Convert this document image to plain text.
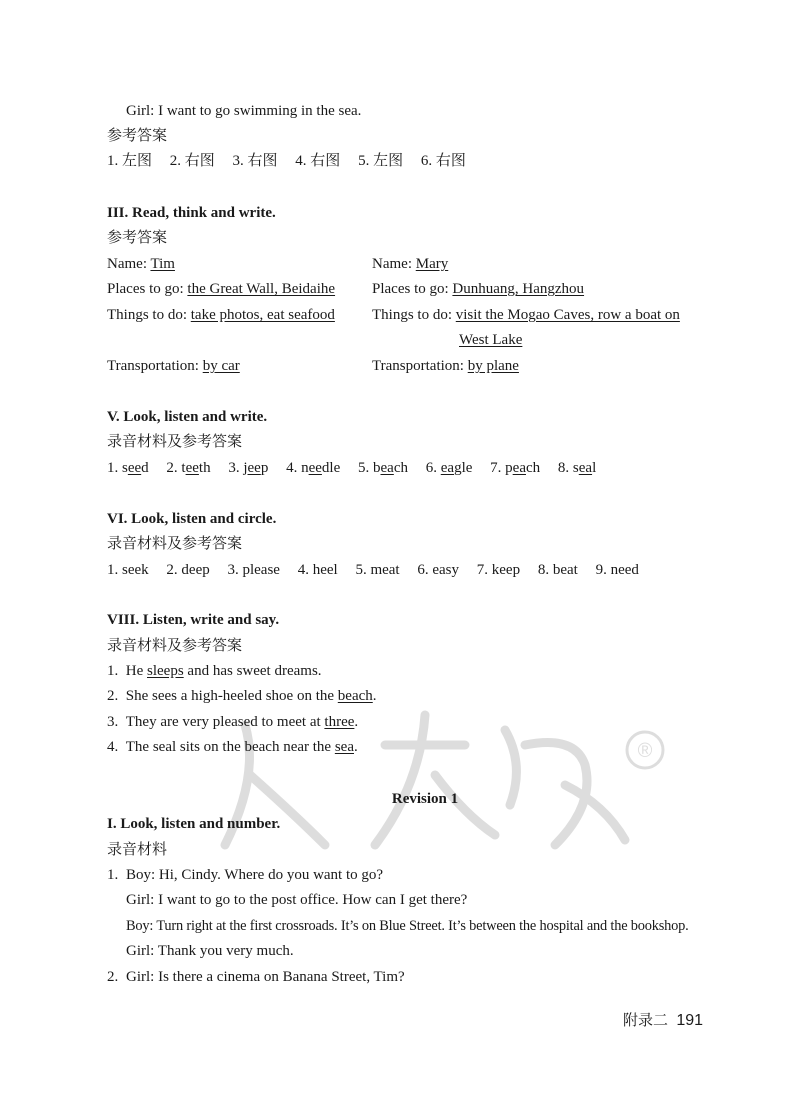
®
Girl: I want to go swimming in the sea.
参考答案
1. 左图 2. 右图 3. 右图 4. 右图 5. 左图 6. 右图
III. Read, think and write.
参考答案
Name: Tim	Name: Mary
Places to go: the Great Wall, Beidaihe Places to go: Dunhuang, Hangzhou
Things to do: take photos, eat seafood Things to do: visit the Mogao Caves, row a boat on
West Lake
Transportation: by car	Transportation: by plane
V. Look, listen and write.
录音材料及参考答案
1. seed 2. teeth 3. jeep 4. needle 5. beach 6. eagle 7. peach 8. seal
VI. Look, listen and circle.
录音材料及参考答案
1. seek 2. deep 3. please 4. heel 5. meat 6. easy 7. keep 8. beat 9. need
VIII. Listen, write and say.
录音材料及参考答案
1. He sleeps and has sweet dreams.
2. She sees a high-heeled shoe on the beach.
3. They are very pleased to meet at three.
4. The seal sits on the beach near the sea.
Revision 1
I. Look, listen and number.
录音材料
1. Boy: Hi, Cindy. Where do you want to go?
Girl: I want to go to the post office. How can I get there?
Boy: Turn right at the first crossroads. It’s on Blue Street. It’s between the hospital and the bookshop.
Girl: Thank you very much.
2. Girl: Is there a cinema on Banana Street, Tim?
附录二 191
